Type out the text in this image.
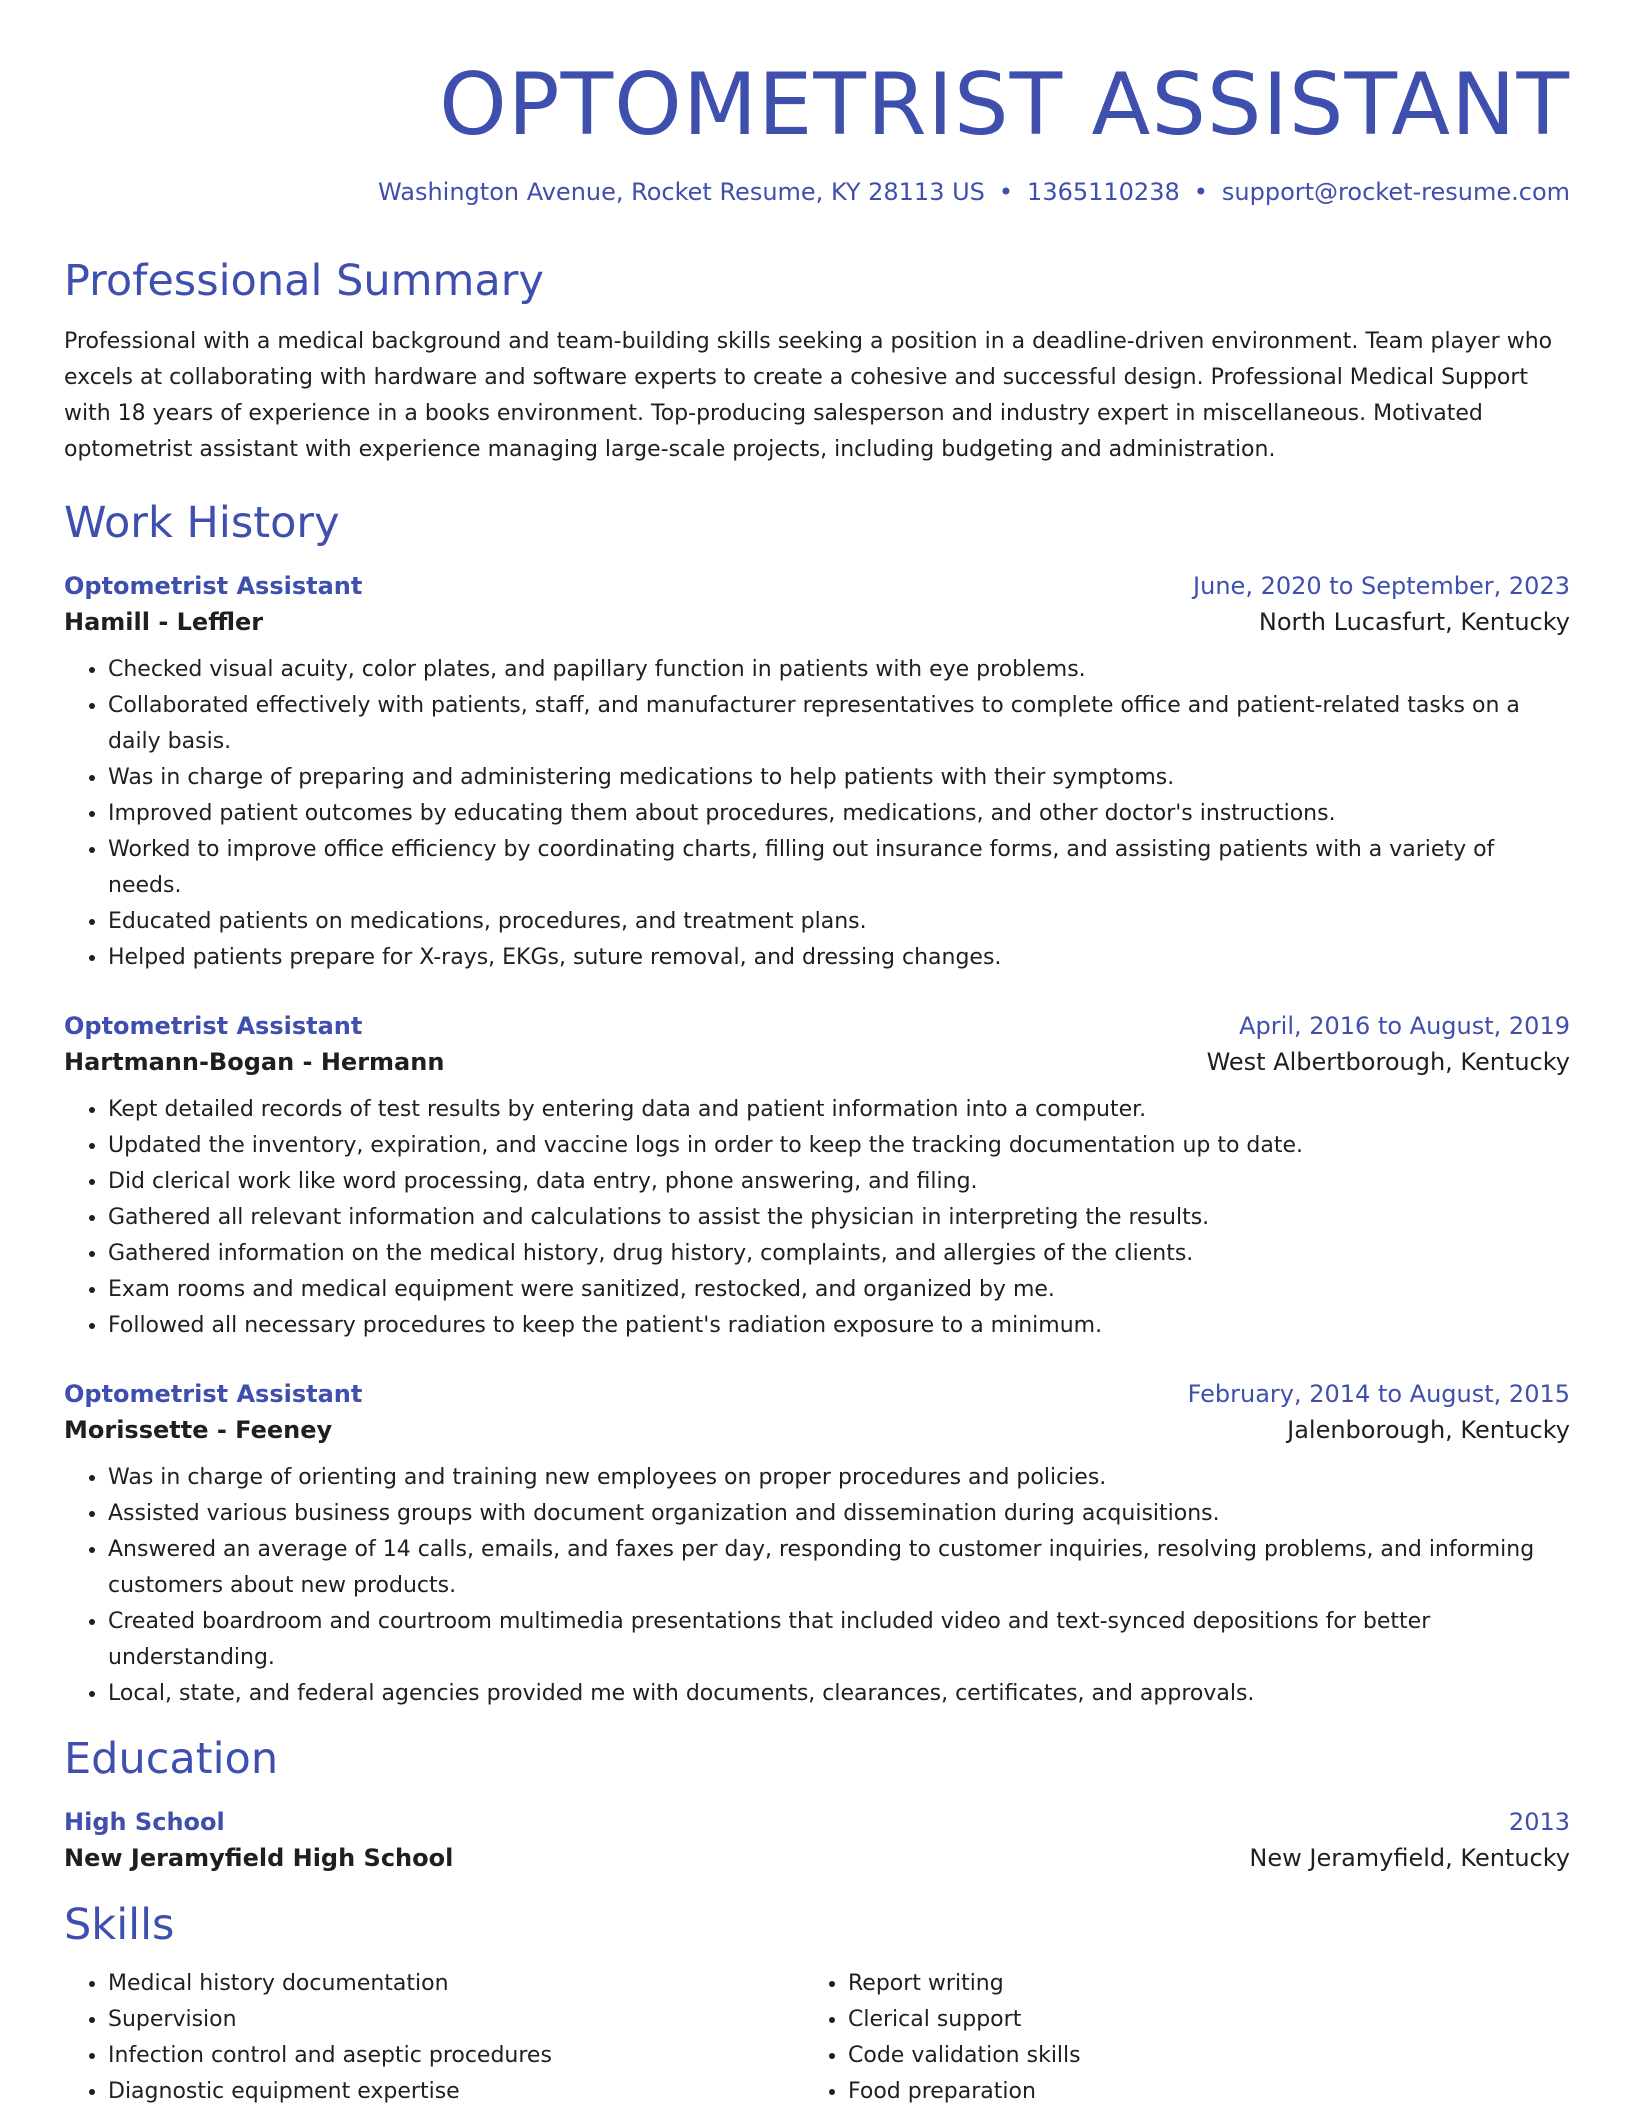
OPTOMETRIST ASSISTANT
Washington Avenue, Rocket Resume, KY 28113 US • 1365110238 • support@rocket-resume.com
Professional Summary
Professional with a medical background and team-building skills seeking a position in a deadline-driven environment. Team player who excels at collaborating with hardware and software experts to create a cohesive and successful design. Professional Medical Support with 18 years of experience in a books environment. Top-producing salesperson and industry expert in miscellaneous. Motivated optometrist assistant with experience managing large-scale projects, including budgeting and administration.
Work History
Optometrist Assistant	June, 2020 to September, 2023
Hamill - Leffler	North Lucasfurt, Kentucky
• Checked visual acuity, color plates, and papillary function in patients with eye problems.
• Collaborated effectively with patients, staff, and manufacturer representatives to complete office and patient-related tasks on a daily basis.
• Was in charge of preparing and administering medications to help patients with their symptoms.
• Improved patient outcomes by educating them about procedures, medications, and other doctor's instructions.
• Worked to improve office efficiency by coordinating charts, filling out insurance forms, and assisting patients with a variety of needs.
• Educated patients on medications, procedures, and treatment plans.
• Helped patients prepare for X-rays, EKGs, suture removal, and dressing changes.
Optometrist Assistant	April, 2016 to August, 2019
Hartmann-Bogan - Hermann	West Albertborough, Kentucky
• Kept detailed records of test results by entering data and patient information into a computer.
• Updated the inventory, expiration, and vaccine logs in order to keep the tracking documentation up to date.
• Did clerical work like word processing, data entry, phone answering, and filing.
• Gathered all relevant information and calculations to assist the physician in interpreting the results.
• Gathered information on the medical history, drug history, complaints, and allergies of the clients.
• Exam rooms and medical equipment were sanitized, restocked, and organized by me.
• Followed all necessary procedures to keep the patient's radiation exposure to a minimum.
Optometrist Assistant	February, 2014 to August, 2015
Morissette - Feeney	Jalenborough, Kentucky
• Was in charge of orienting and training new employees on proper procedures and policies.
• Assisted various business groups with document organization and dissemination during acquisitions.
• Answered an average of 14 calls, emails, and faxes per day, responding to customer inquiries, resolving problems, and informing customers about new products.
• Created boardroom and courtroom multimedia presentations that included video and text-synced depositions for better understanding.
• Local, state, and federal agencies provided me with documents, clearances, certificates, and approvals.
Education
High School	2013
New Jeramyfield High School	New Jeramyfield, Kentucky
Skills
• Medical history documentation
• Supervision
• Infection control and aseptic procedures
• Diagnostic equipment expertise
• Report writing
• Clerical support
• Code validation skills
• Food preparation
